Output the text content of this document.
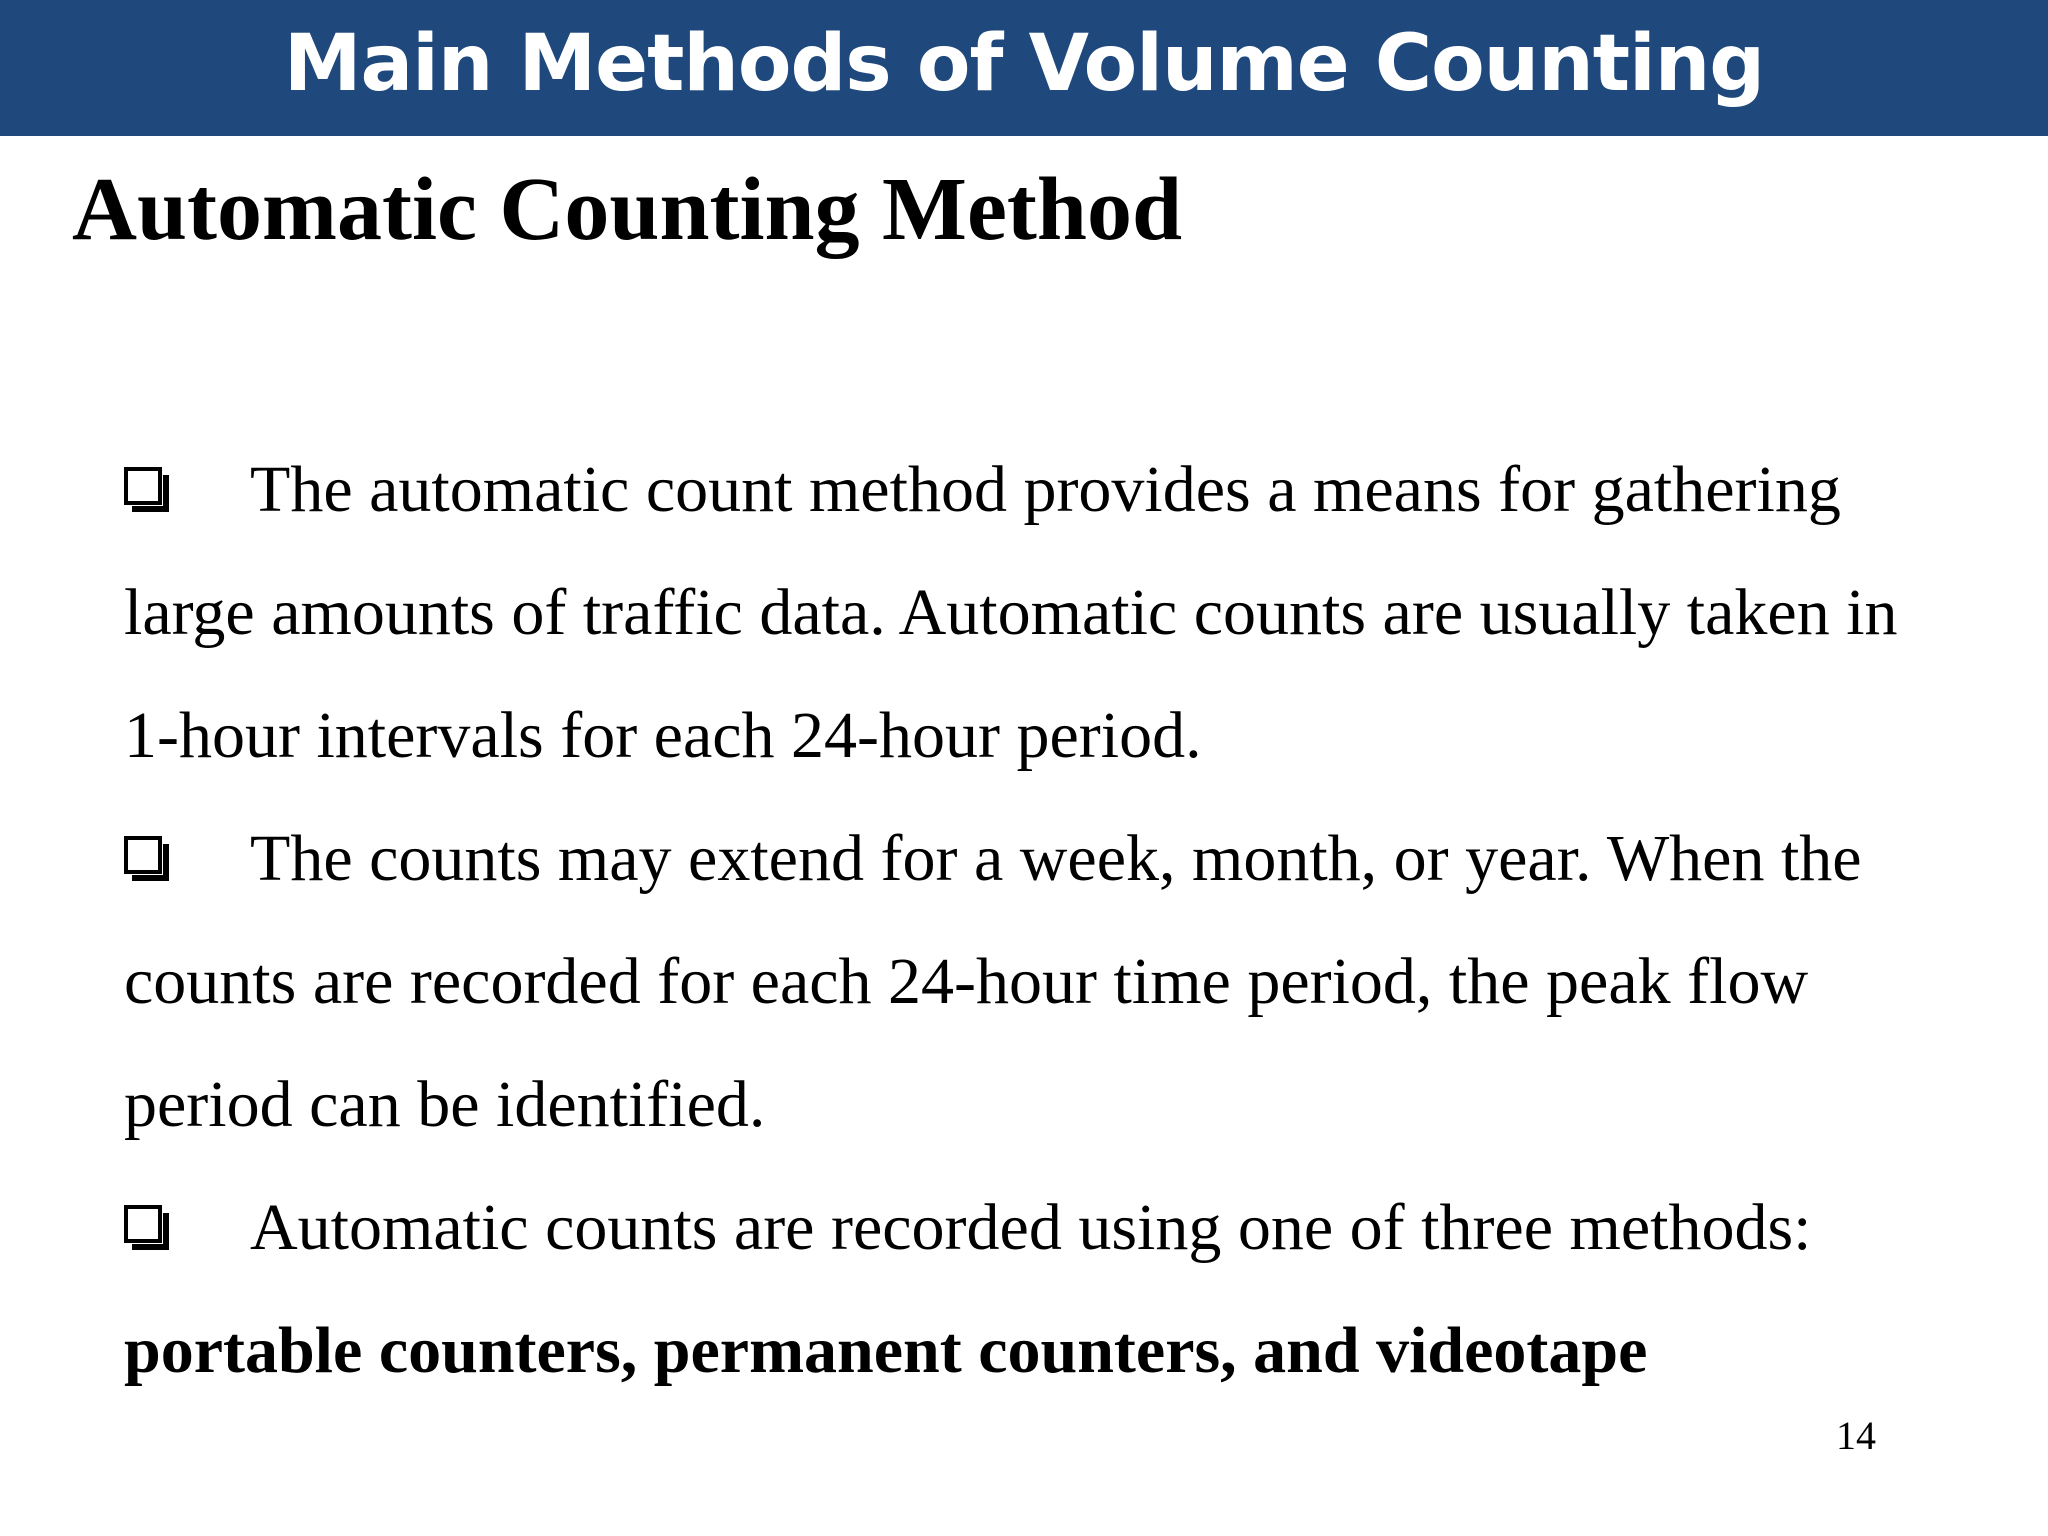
Main Methods of Volume Counting
Automatic Counting Method

The automatic count method provides a means for gathering large amounts of traffic data. Automatic counts are usually taken in 1-hour intervals for each 24-hour period.

The counts may extend for a week, month, or year. When the counts are recorded for each 24-hour time period, the peak flow period can be identified.

Automatic counts are recorded using one of three methods: portable counters, permanent counters, and videotape

14
